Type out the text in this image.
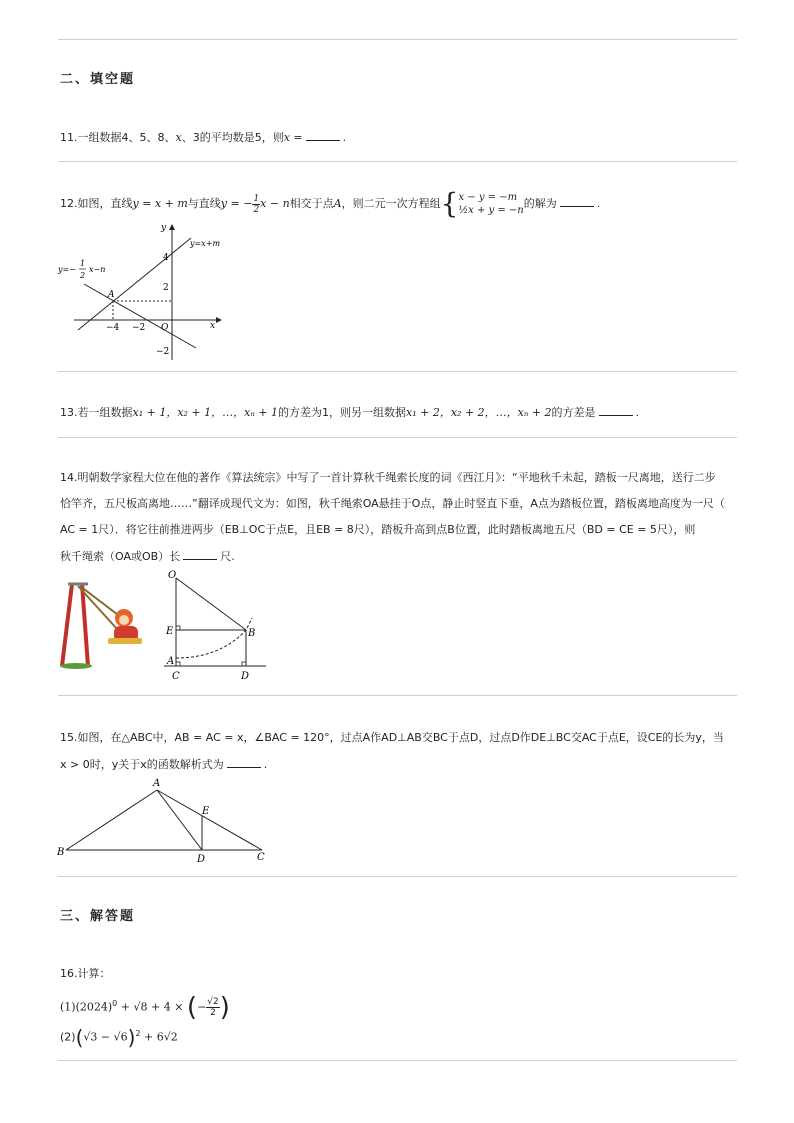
二、填空题
11.一组数据4、5、8、x、3的平均数是5，则x =	.
12.如图，直线y = x + m与直线y = − $\frac{1}{2}$ x − n相交于点A，则二元一次方程组{ x − y = −m
½x + y = −n
的解为	.
x
y
y=x+m
y=−
1
2
x−n
A
O
4
2
−2
−4 −2
13.若一组数据x₁ + 1，x₂ + 1，…，xₙ + 1的方差为1，则另一组数据x₁ + 2，x₂ + 2，…，xₙ + 2的方差是	.
14.明朝数学家程大位在他的著作《算法统宗》中写了一首计算秋千绳索长度的词《西江月》：“平地秋千未起，踏板一尺离地，送行二步
恰竿齐，五尺板高离地……”翻译成现代文为：如图，秋千绳索OA悬挂于O点，静止时竖直下垂，A点为踏板位置，踏板离地高度为一尺（
AC = 1尺）．将它往前推进两步（EB⊥OC于点E，且EB = 8尺），踏板升高到点B位置，此时踏板离地五尺（BD = CE = 5尺），则
秋千绳索（OA或OB）长	尺.
O
E	B
A
C	D
15.如图，在△ABC中，AB = AC = x，∠BAC = 120°，过点A作AD⊥AB交BC于点D，过点D作DE⊥BC交AC于点E，设CE的长为y，当
x > 0时，y关于x的函数解析式为	.
A
B	C
D
E
三、解答题
16.计算：
$(1)(2024)^0 + √8 + 4$ × (− $\frac{√2}{2}$ )
$(2)(√3 - √6)^2 + 6√2$
